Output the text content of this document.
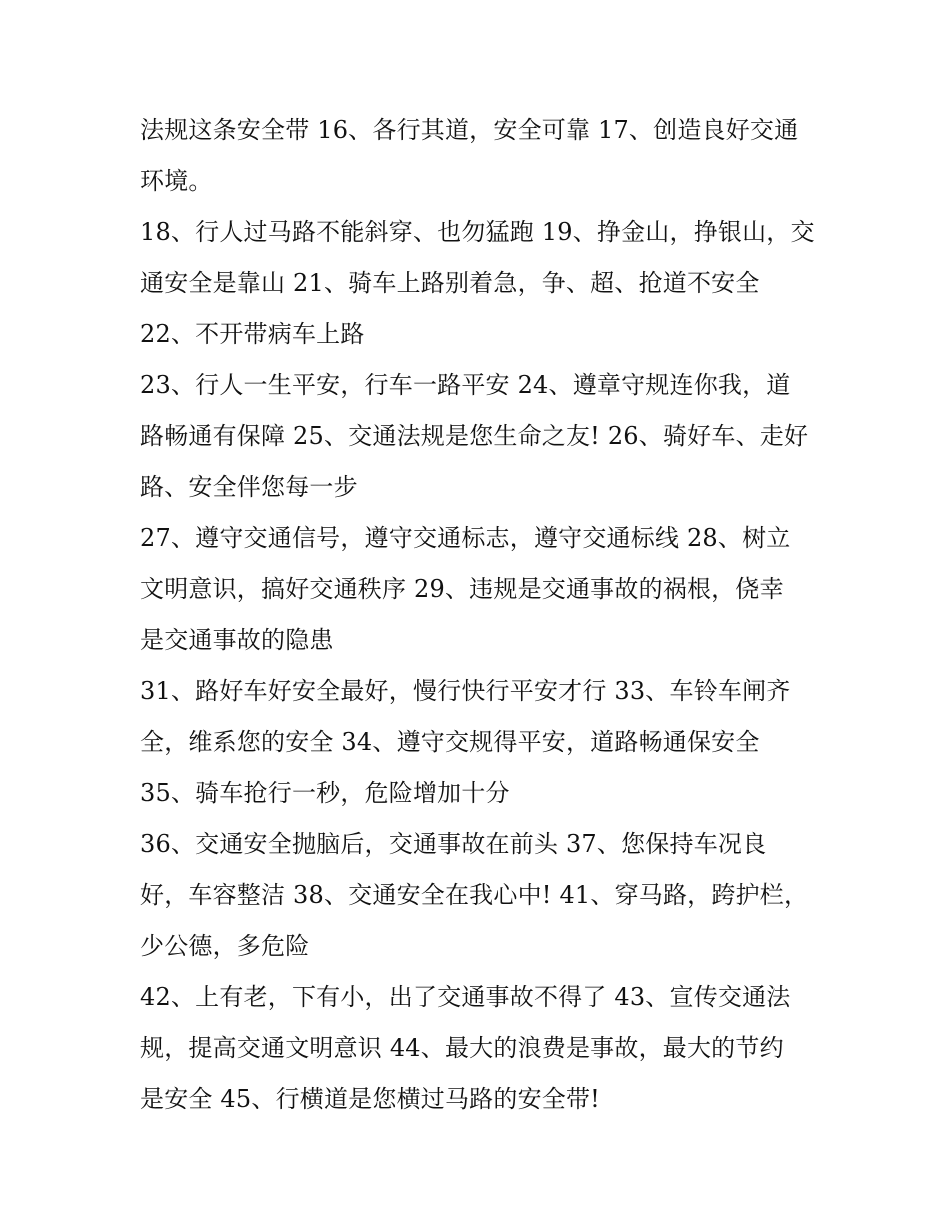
法规这条安全带 16、各行其道，安全可靠 17、创造良好交通
环境。
18、行人过马路不能斜穿、也勿猛跑 19、挣金山，挣银山，交
通安全是靠山 21、骑车上路别着急，争、超、抢道不安全
22、不开带病车上路
23、行人一生平安，行车一路平安 24、遵章守规连你我，道
路畅通有保障 25、交通法规是您生命之友! 26、骑好车、走好
路、安全伴您每一步
27、遵守交通信号，遵守交通标志，遵守交通标线 28、树立
文明意识，搞好交通秩序 29、违规是交通事故的祸根，侥幸
是交通事故的隐患
31、路好车好安全最好，慢行快行平安才行 33、车铃车闸齐
全，维系您的安全 34、遵守交规得平安，道路畅通保安全
35、骑车抢行一秒，危险增加十分
36、交通安全抛脑后，交通事故在前头 37、您保持车况良
好，车容整洁 38、交通安全在我心中! 41、穿马路，跨护栏，
少公德，多危险
42、上有老，下有小，出了交通事故不得了 43、宣传交通法
规，提高交通文明意识 44、最大的浪费是事故，最大的节约
是安全 45、行横道是您横过马路的安全带!
